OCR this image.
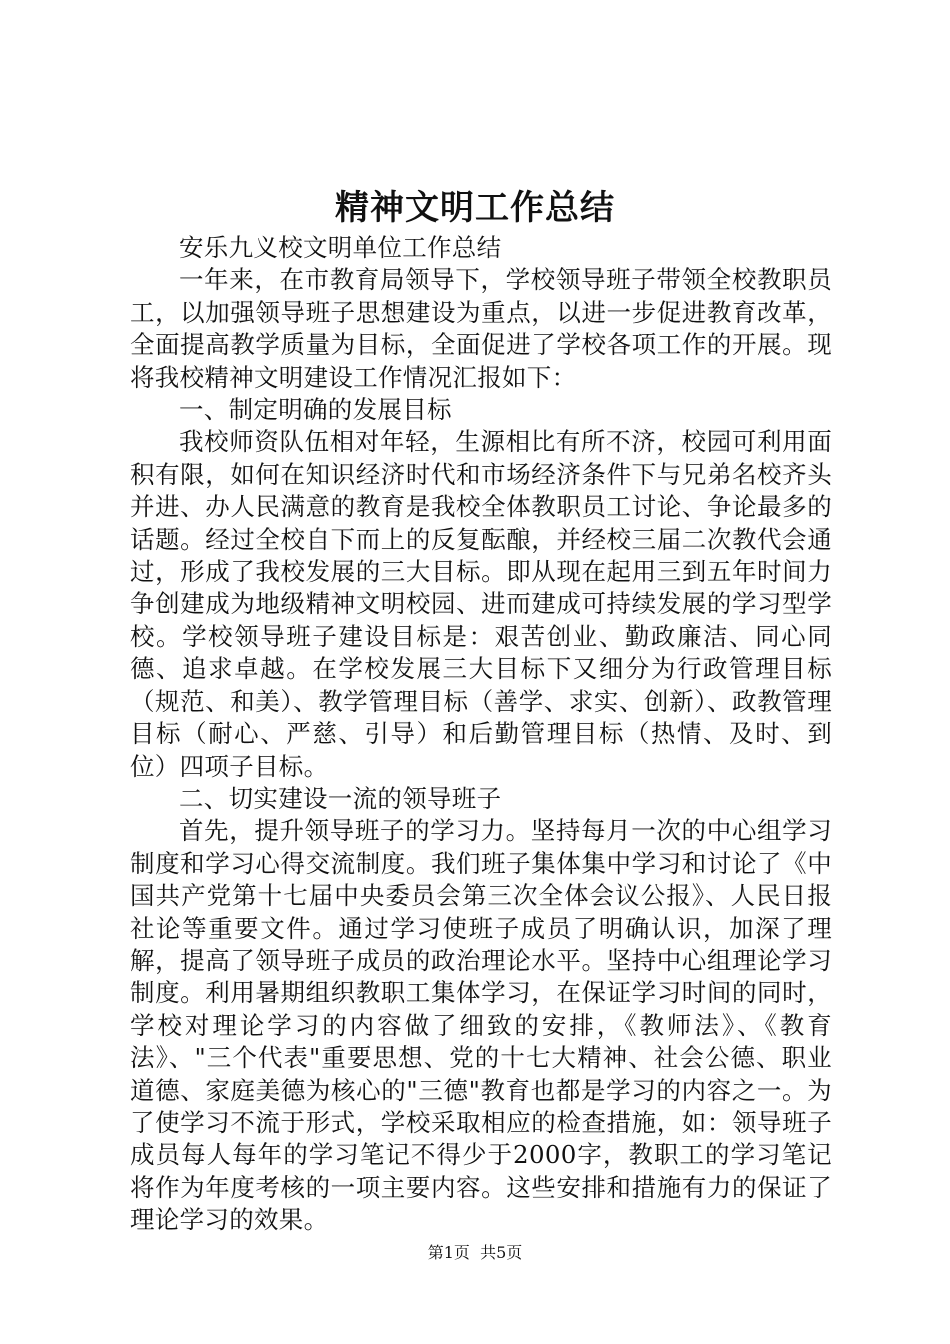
精神文明工作总结

安乐九义校文明单位工作总结

一年来，在市教育局领导下，学校领导班子带领全校教职员工，以加强领导班子思想建设为重点，以进一步促进教育改革，全面提高教学质量为目标，全面促进了学校各项工作的开展。现将我校精神文明建设工作情况汇报如下：

一、制定明确的发展目标

我校师资队伍相对年轻，生源相比有所不济，校园可利用面积有限，如何在知识经济时代和市场经济条件下与兄弟名校齐头并进、办人民满意的教育是我校全体教职员工讨论、争论最多的话题。经过全校自下而上的反复酝酿，并经校三届二次教代会通过，形成了我校发展的三大目标。即从现在起用三到五年时间力争创建成为地级精神文明校园、进而建成可持续发展的学习型学校。学校领导班子建设目标是：艰苦创业、勤政廉洁、同心同德、追求卓越。在学校发展三大目标下又细分为行政管理目标（规范、和美）、教学管理目标（善学、求实、创新）、政教管理目标（耐心、严慈、引导）和后勤管理目标（热情、及时、到位）四项子目标。

二、切实建设一流的领导班子

首先，提升领导班子的学习力。坚持每月一次的中心组学习制度和学习心得交流制度。我们班子集体集中学习和讨论了《中国共产党第十七届中央委员会第三次全体会议公报》、人民日报社论等重要文件。通过学习使班子成员了明确认识，加深了理解，提高了领导班子成员的政治理论水平。坚持中心组理论学习制度。利用暑期组织教职工集体学习，在保证学习时间的同时，学校对理论学习的内容做了细致的安排，《教师法》、《教育法》、"三个代表"重要思想、党的十七大精神、社会公德、职业道德、家庭美德为核心的"三德"教育也都是学习的内容之一。为了使学习不流于形式，学校采取相应的检查措施，如：领导班子成员每人每年的学习笔记不得少于2000字，教职工的学习笔记将作为年度考核的一项主要内容。这些安排和措施有力的保证了理论学习的效果。

第1页  共5页
